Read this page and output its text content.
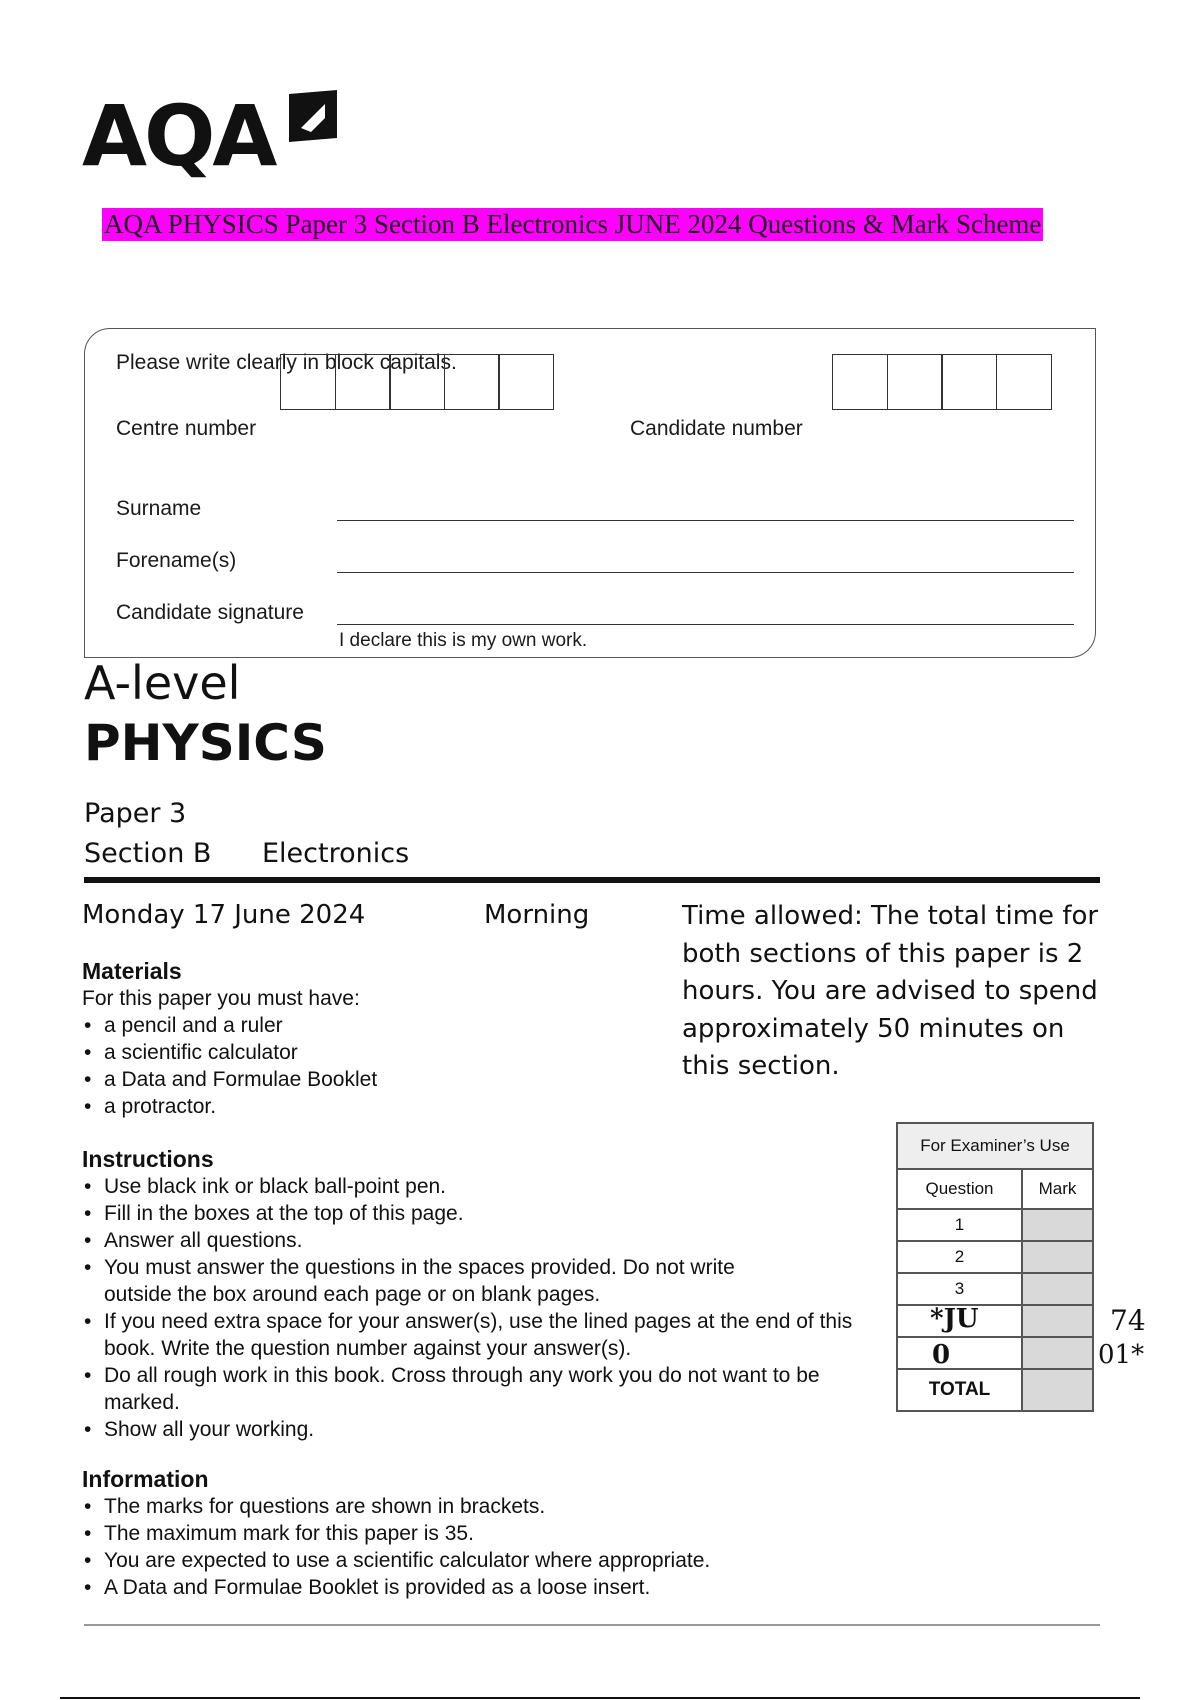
AQA
AQA PHYSICS Paper 3 Section B Electronics JUNE 2024 Questions & Mark Scheme
Please write clearly in block capitals.
Centre number	Candidate number
Surname
Forename(s)
Candidate signature
I declare this is my own work.
A-level
PHYSICS
Paper 3
Section B Electronics
Monday 17 June 2024	Morning	Time allowed: The total time for both sections of this paper is 2 hours. You are advised to spend approximately 50 minutes on this section.
Materials
For this paper you must have:
• a pencil and a ruler
• a scientific calculator
• a Data and Formulae Booklet
• a protractor.
Instructions
• Use black ink or black ball-point pen.
• Fill in the boxes at the top of this page.
• Answer all questions.
• You must answer the questions in the spaces provided. Do not write outside the box around each page or on blank pages.
• If you need extra space for your answer(s), use the lined pages at the end of this book. Write the question number against your answer(s).
• Do all rough work in this book. Cross through any work you do not want to be marked.
• Show all your working.
Information
• The marks for questions are shown in brackets.
• The maximum mark for this paper is 35.
• You are expected to use a scientific calculator where appropriate.
• A Data and Formulae Booklet is provided as a loose insert.
For Examiner’s Use	
Question	Mark
1	
2	
3	

TOTAL	
*JU
0
74
01*
